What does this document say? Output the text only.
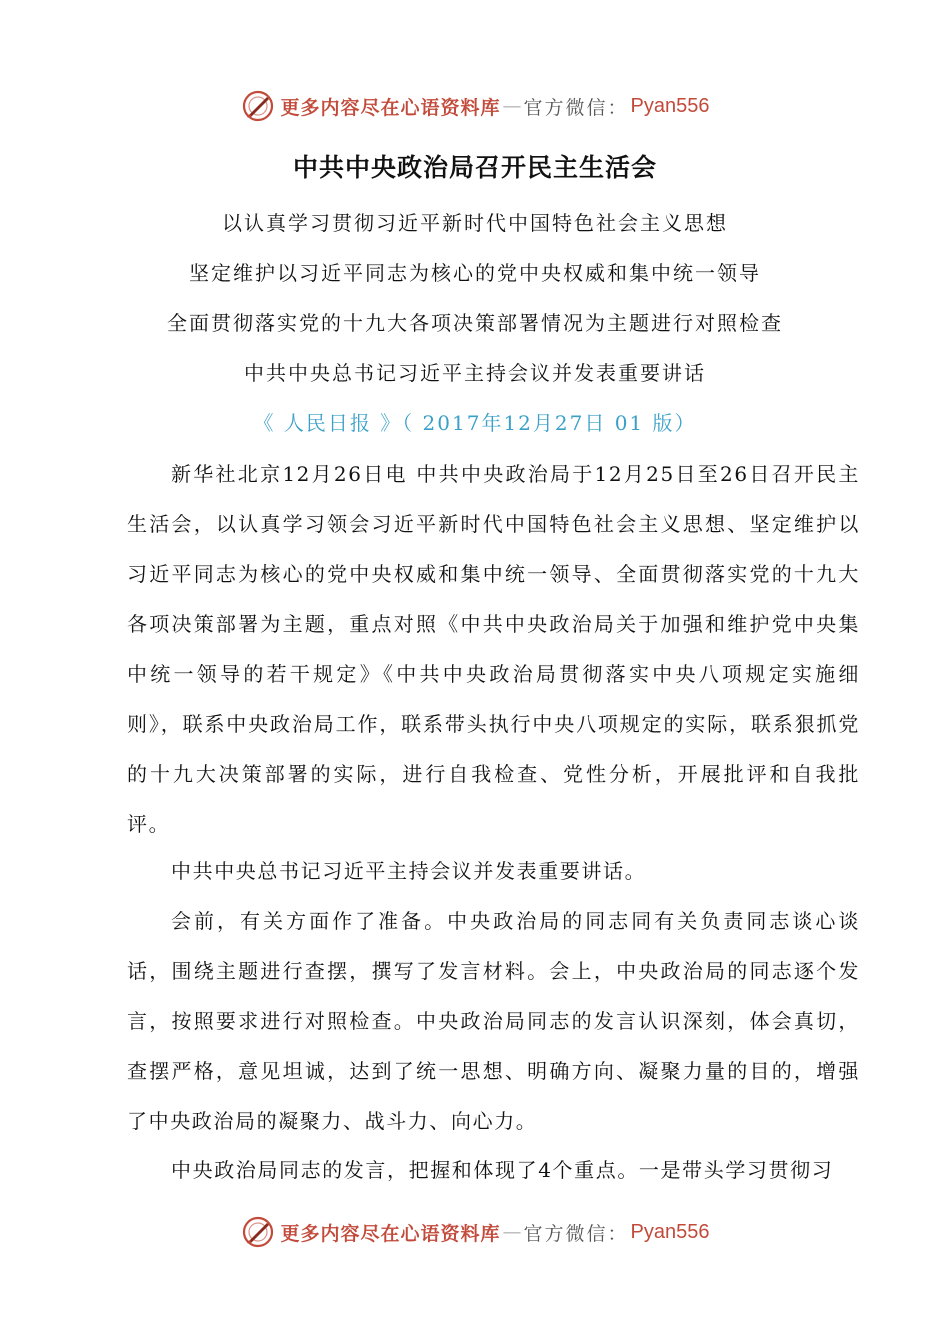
更多内容尽在心语资料库 — 官方微信： Pyan556
中共中央政治局召开民主生活会
以认真学习贯彻习近平新时代中国特色社会主义思想
坚定维护以习近平同志为核心的党中央权威和集中统一领导
全面贯彻落实党的十九大各项决策部署情况为主题进行对照检查
中共中央总书记习近平主持会议并发表重要讲话
《 人民日报 》（ 2017年12月27日 01 版）

新华社北京12月26日电 中共中央政治局于12月25日至26日召开民主生活会，以认真学习领会习近平新时代中国特色社会主义思想、坚定维护以习近平同志为核心的党中央权威和集中统一领导、全面贯彻落实党的十九大各项决策部署为主题，重点对照《中共中央政治局关于加强和维护党中央集中统一领导的若干规定》《中共中央政治局贯彻落实中央八项规定实施细则》，联系中央政治局工作，联系带头执行中央八项规定的实际，联系狠抓党的十九大决策部署的实际，进行自我检查、党性分析，开展批评和自我批评。

中共中央总书记习近平主持会议并发表重要讲话。

会前，有关方面作了准备。中央政治局的同志同有关负责同志谈心谈话，围绕主题进行查摆，撰写了发言材料。会上，中央政治局的同志逐个发言，按照要求进行对照检查。中央政治局同志的发言认识深刻，体会真切，查摆严格，意见坦诚，达到了统一思想、明确方向、凝聚力量的目的，增强了中央政治局的凝聚力、战斗力、向心力。

中央政治局同志的发言，把握和体现了4个重点。一是带头学习贯彻习

更多内容尽在心语资料库 — 官方微信： Pyan556
